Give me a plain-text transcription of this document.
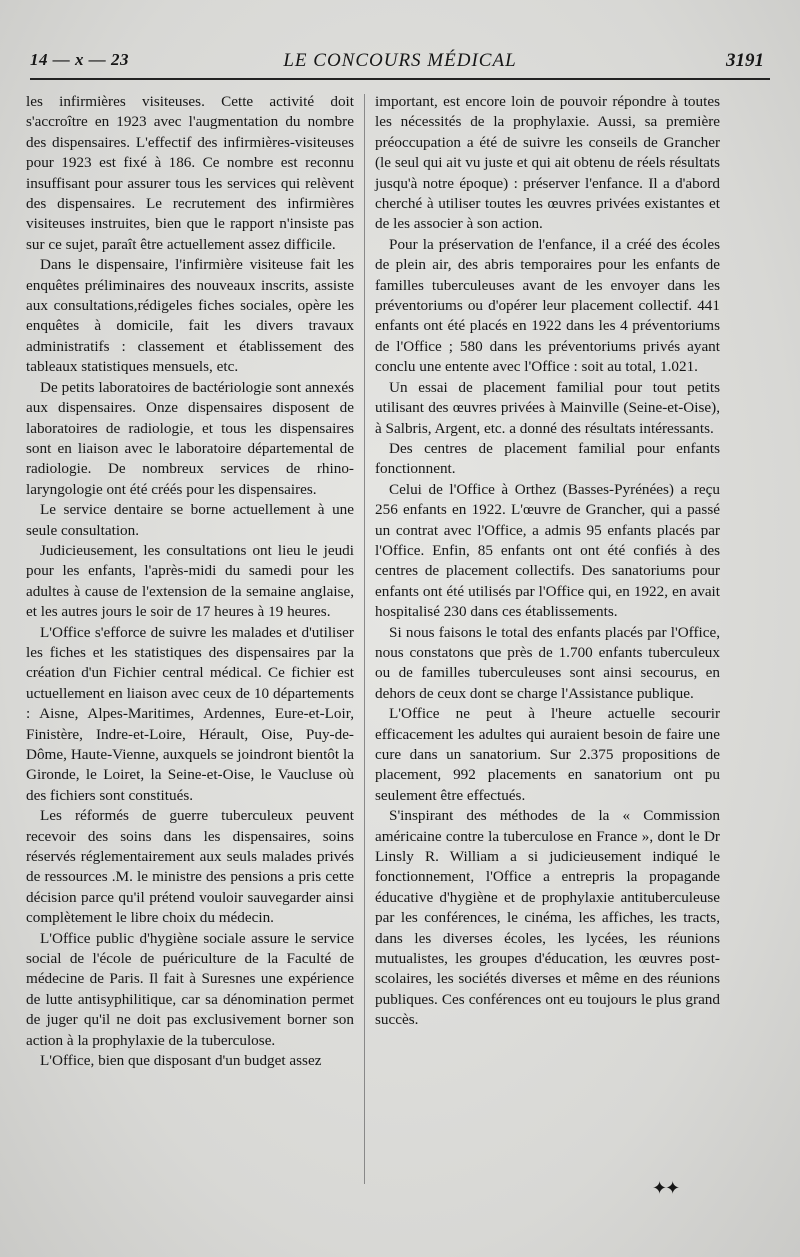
14 — x — 23	LE CONCOURS MÉDICAL	3191

les infirmières visiteuses. Cette activité doit s'accroître en 1923 avec l'augmentation du nombre des dispensaires. L'effectif des infirmières-visiteuses pour 1923 est fixé à 186. Ce nombre est reconnu insuffisant pour assurer tous les services qui relèvent des dispensaires. Le recrutement des infirmières visiteuses instruites, bien que le rapport n'insiste pas sur ce sujet, paraît être actuellement assez difficile.

Dans le dispensaire, l'infirmière visiteuse fait les enquêtes préliminaires des nouveaux inscrits, assiste aux consultations,rédigeles fiches sociales, opère les enquêtes à domicile, fait les divers travaux administratifs : classement et établissement des tableaux statistiques mensuels, etc.

De petits laboratoires de bactériologie sont annexés aux dispensaires. Onze dispensaires disposent de laboratoires de radiologie, et tous les dispensaires sont en liaison avec le laboratoire départemental de radiologie. De nombreux services de rhino-laryngologie ont été créés pour les dispensaires.

Le service dentaire se borne actuellement à une seule consultation.

Judicieusement, les consultations ont lieu le jeudi pour les enfants, l'après-midi du samedi pour les adultes à cause de l'extension de la semaine anglaise, et les autres jours le soir de 17 heures à 19 heures.

L'Office s'efforce de suivre les malades et d'utiliser les fiches et les statistiques des dispensaires par la création d'un Fichier central médical. Ce fichier est uctuellement en liaison avec ceux de 10 départements : Aisne, Alpes-Maritimes, Ardennes, Eure-et-Loir, Finistère, Indre-et-Loire, Hérault, Oise, Puy-de-Dôme, Haute-Vienne, auxquels se joindront bientôt la Gironde, le Loiret, la Seine-et-Oise, le Vaucluse où des fichiers sont constitués.

Les réformés de guerre tuberculeux peuvent recevoir des soins dans les dispensaires, soins réservés réglementairement aux seuls malades privés de ressources .M. le ministre des pensions a pris cette décision parce qu'il prétend vouloir sauvegarder ainsi complètement le libre choix du médecin.

L'Office public d'hygiène sociale assure le service social de l'école de puériculture de la Faculté de médecine de Paris. Il fait à Suresnes une expérience de lutte antisyphilitique, car sa dénomination permet de juger qu'il ne doit pas exclusivement borner son action à la prophylaxie de la tuberculose.

L'Office, bien que disposant d'un budget assez

important, est encore loin de pouvoir répondre à toutes les nécessités de la prophylaxie. Aussi, sa première préoccupation a été de suivre les conseils de Grancher (le seul qui ait vu juste et qui ait obtenu de réels résultats jusqu'à notre époque) : préserver l'enfance. Il a d'abord cherché à utiliser toutes les œuvres privées existantes et de les associer à son action.

Pour la préservation de l'enfance, il a créé des écoles de plein air, des abris temporaires pour les enfants de familles tuberculeuses avant de les envoyer dans les préventoriums ou d'opérer leur placement collectif. 441 enfants ont été placés en 1922 dans les 4 préventoriums de l'Office ; 580 dans les préventoriums privés ayant conclu une entente avec l'Office : soit au total, 1.021.

Un essai de placement familial pour tout petits utilisant des œuvres privées à Mainville (Seine-et-Oise), à Salbris, Argent, etc. a donné des résultats intéressants.

Des centres de placement familial pour enfants fonctionnent.

Celui de l'Office à Orthez (Basses-Pyrénées) a reçu 256 enfants en 1922. L'œuvre de Grancher, qui a passé un contrat avec l'Office, a admis 95 enfants placés par l'Office. Enfin, 85 enfants ont ont été confiés à des centres de placement collectifs. Des sanatoriums pour enfants ont été utilisés par l'Office qui, en 1922, en avait hospitalisé 230 dans ces établissements.

Si nous faisons le total des enfants placés par l'Office, nous constatons que près de 1.700 enfants tuberculeux ou de familles tuberculeuses sont ainsi secourus, en dehors de ceux dont se charge l'Assistance publique.

L'Office ne peut à l'heure actuelle secourir efficacement les adultes qui auraient besoin de faire une cure dans un sanatorium. Sur 2.375 propositions de placement, 992 placements en sanatorium ont pu seulement être effectués.

S'inspirant des méthodes de la « Commission américaine contre la tuberculose en France », dont le Dr Linsly R. William a si judicieusement indiqué le fonctionnement, l'Office a entrepris la propagande éducative d'hygiène et de prophylaxie antituberculeuse par les conférences, le cinéma, les affiches, les tracts, dans les diverses écoles, les lycées, les réunions mutualistes, les groupes d'éducation, les œuvres post-scolaires, les sociétés diverses et même en des réunions publiques. Ces conférences ont eu toujours le plus grand succès.

✦✦
